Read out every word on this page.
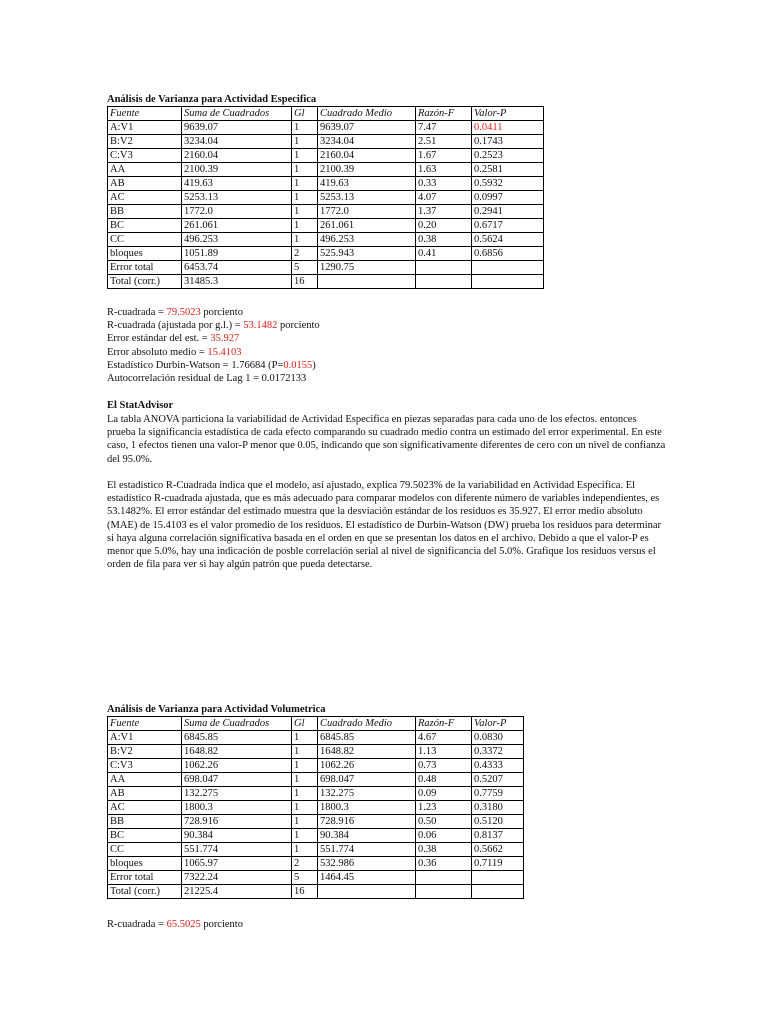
Análisis de Varianza para Actividad Especifica
Fuente	Suma de Cuadrados	Gl	Cuadrado Medio	Razón-F	Valor-P
A:V1	9639.07	1	9639.07	7.47	0.0411
B:V2	3234.04	1	3234.04	2.51	0.1743
C:V3	2160.04	1	2160.04	1.67	0.2523
AA	2100.39	1	2100.39	1.63	0.2581
AB	419.63	1	419.63	0.33	0.5932
AC	5253.13	1	5253.13	4.07	0.0997
BB	1772.0	1	1772.0	1.37	0.2941
BC	261.061	1	261.061	0.20	0.6717
CC	496.253	1	496.253	0.38	0.5624
bloques	1051.89	2	525.943	0.41	0.6856
Error total	6453.74	5	1290.75		
Total (corr.)	31485.3	16			
R-cuadrada = 79.5023 porciento
R-cuadrada (ajustada por g.l.) = 53.1482 porciento
Error estándar del est. = 35.927
Error absoluto medio = 15.4103
Estadístico Durbin-Watson = 1.76684 (P=0.0155)
Autocorrelación residual de Lag 1 = 0.0172133
El StatAdvisor
La tabla ANOVA particiona la variabilidad de Actividad Especifica en piezas separadas para cada uno de los efectos. entonces prueba la significancia estadística de cada efecto comparando su cuadrado medio contra un estimado del error experimental. En este caso, 1 efectos tienen una valor-P menor que 0.05, indicando que son significativamente diferentes de cero con un nivel de confianza del 95.0%.
El estadístico R-Cuadrada indica que el modelo, así ajustado, explica 79.5023% de la variabilidad en Actividad Especifica. El estadístico R-cuadrada ajustada, que es más adecuado para comparar modelos con diferente número de variables independientes, es 53.1482%. El error estándar del estimado muestra que la desviación estándar de los residuos es 35.927. El error medio absoluto (MAE) de 15.4103 es el valor promedio de los residuos. El estadístico de Durbin-Watson (DW) prueba los residuos para determinar si haya alguna correlación significativa basada en el orden en que se presentan los datos en el archivo. Debido a que el valor-P es menor que 5.0%, hay una indicación de posble correlación serial al nivel de significancia del 5.0%. Grafique los residuos versus el orden de fila para ver si hay algún patrón que pueda detectarse.
Análisis de Varianza para Actividad Volumetrica
Fuente	Suma de Cuadrados	Gl	Cuadrado Medio	Razón-F	Valor-P
A:V1	6845.85	1	6845.85	4.67	0.0830
B:V2	1648.82	1	1648.82	1.13	0.3372
C:V3	1062.26	1	1062.26	0.73	0.4333
AA	698.047	1	698.047	0.48	0.5207
AB	132.275	1	132.275	0.09	0.7759
AC	1800.3	1	1800.3	1.23	0.3180
BB	728.916	1	728.916	0.50	0.5120
BC	90.384	1	90.384	0.06	0.8137
CC	551.774	1	551.774	0.38	0.5662
bloques	1065.97	2	532.986	0.36	0.7119
Error total	7322.24	5	1464.45		
Total (corr.)	21225.4	16			
R-cuadrada = 65.5025 porciento
